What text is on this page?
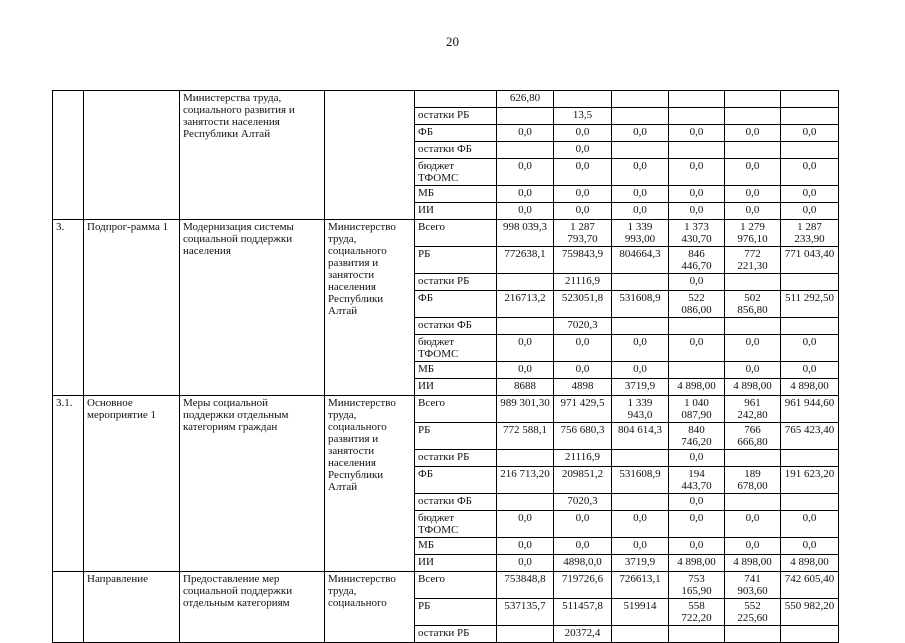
20
		Министерства труда, социального развития и занятости населения Республики Алтай			626,80					
				остатки РБ		13,5				
				ФБ	0,0	0,0	0,0	0,0	0,0	0,0
				остатки ФБ		0,0				
				бюджет ТФОМС	0,0	0,0	0,0	0,0	0,0	0,0
				МБ	0,0	0,0	0,0	0,0	0,0	0,0
				ИИ	0,0	0,0	0,0	0,0	0,0	0,0
3.	Подпрог-рамма 1	Модернизация системы социальной поддержки населения	Министерство труда, социального развития и занятости населения Республики Алтай	Всего	998 039,3	1 287 793,70	1 339 993,00	1 373 430,70	1 279 976,10	1 287 233,90
				РБ	772638,1	759843,9	804664,3	846 446,70	772 221,30	771 043,40
				остатки РБ		21116,9		0,0		
				ФБ	216713,2	523051,8	531608,9	522 086,00	502 856,80	511 292,50
				остатки ФБ		7020,3				
				бюджет ТФОМС	0,0	0,0	0,0	0,0	0,0	0,0
				МБ	0,0	0,0	0,0		0,0	0,0
				ИИ	8688	4898	3719,9	4 898,00	4 898,00	4 898,00
3.1.	Основное мероприятие 1	Меры социальной поддержки отдельным категориям граждан	Министерство труда, социального развития и занятости населения Республики Алтай	Всего	989 301,30	971 429,5	1 339 943,0	1 040 087,90	961 242,80	961 944,60
				РБ	772 588,1	756 680,3	804 614,3	840 746,20	766 666,80	765 423,40
				остатки РБ		21116,9		0,0		
				ФБ	216 713,20	209851,2	531608,9	194 443,70	189 678,00	191 623,20
				остатки ФБ		7020,3		0,0		
				бюджет ТФОМС	0,0	0,0	0,0	0,0	0,0	0,0
				МБ	0,0	0,0	0,0	0,0	0,0	0,0
				ИИ	0,0	4898,0,0	3719,9	4 898,00	4 898,00	4 898,00
	Направление	Предоставление мер социальной поддержки отдельным категориям	Министерство труда, социального	Всего	753848,8	719726,6	726613,1	753 165,90	741 903,60	742 605,40
				РБ	537135,7	511457,8	519914	558 722,20	552 225,60	550 982,20
				остатки РБ		20372,4				
